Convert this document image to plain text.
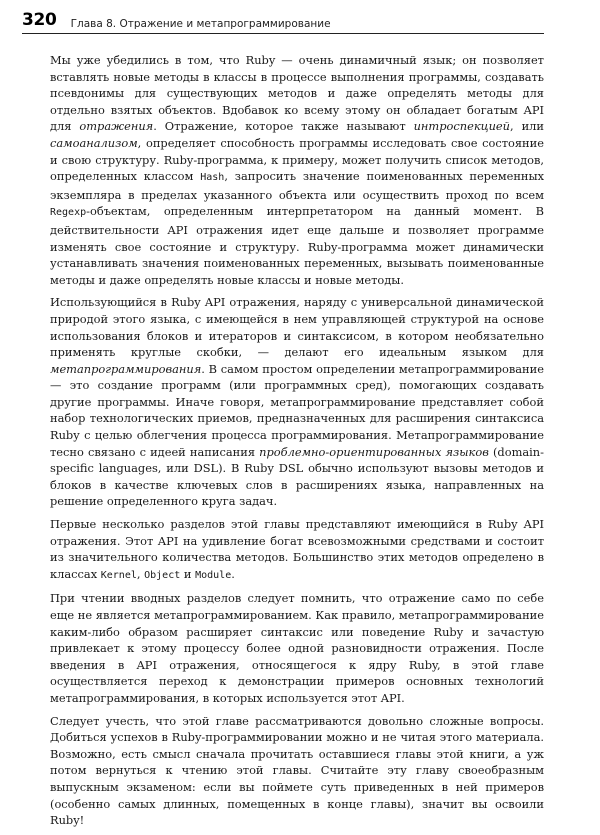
320 Глава 8. Отражение и метапрограммирование

Мы уже убедились в том, что Ruby — очень динамичный язык; он позволяет вставлять новые методы в классы в процессе выполнения программы, создавать псевдонимы для существующих методов и даже определять методы для отдельно взятых объектов. Вдобавок ко всему этому он обладает богатым API для отражения. Отражение, которое также называют интроспекцией, или самоанализом, определяет способность программы исследовать свое состояние и свою структуру. Ruby-программа, к примеру, может получить список методов, определенных классом Hash, запросить значение поименованных переменных экземпляра в пределах указанного объекта или осуществить проход по всем Regexp-объектам, определенным интерпретатором на данный момент. В действительности API отражения идет еще дальше и позволяет программе изменять свое состояние и структуру. Ruby-программа может динамически устанавливать значения поименованных переменных, вызывать поименованные методы и даже определять новые классы и новые методы.

Использующийся в Ruby API отражения, наряду с универсальной динамической природой этого языка, с имеющейся в нем управляющей структурой на основе использования блоков и итераторов и синтаксисом, в котором необязательно применять круглые скобки, — делают его идеальным языком для метапрограммирования. В самом простом определении метапрограммирование — это создание программ (или программных сред), помогающих создавать другие программы. Иначе говоря, метапрограммирование представляет собой набор технологических приемов, предназначенных для расширения синтаксиса Ruby с целью облегчения процесса программирования. Метапрограммирование тесно связано с идеей написания проблемно-ориентированных языков (domain-specific languages, или DSL). В Ruby DSL обычно используют вызовы методов и блоков в качестве ключевых слов в расширениях языка, направленных на решение определенного круга задач.

Первые несколько разделов этой главы представляют имеющийся в Ruby API отражения. Этот API на удивление богат всевозможными средствами и состоит из значительного количества методов. Большинство этих методов определено в классах Kernel, Object и Module.

При чтении вводных разделов следует помнить, что отражение само по себе еще не является метапрограммированием. Как правило, метапрограммирование каким-либо образом расширяет синтаксис или поведение Ruby и зачастую привлекает к этому процессу более одной разновидности отражения. После введения в API отражения, относящегося к ядру Ruby, в этой главе осуществляется переход к демонстрации примеров основных технологий метапрограммирования, в которых используется этот API.

Следует учесть, что этой главе рассматриваются довольно сложные вопросы. Добиться успехов в Ruby-программировании можно и не читая этого материала. Возможно, есть смысл сначала прочитать оставшиеся главы этой книги, а уж потом вернуться к чтению этой главы. Считайте эту главу своеобразным выпускным экзаменом: если вы поймете суть приведенных в ней примеров (особенно самых длинных, помещенных в конце главы), значит вы освоили Ruby!
